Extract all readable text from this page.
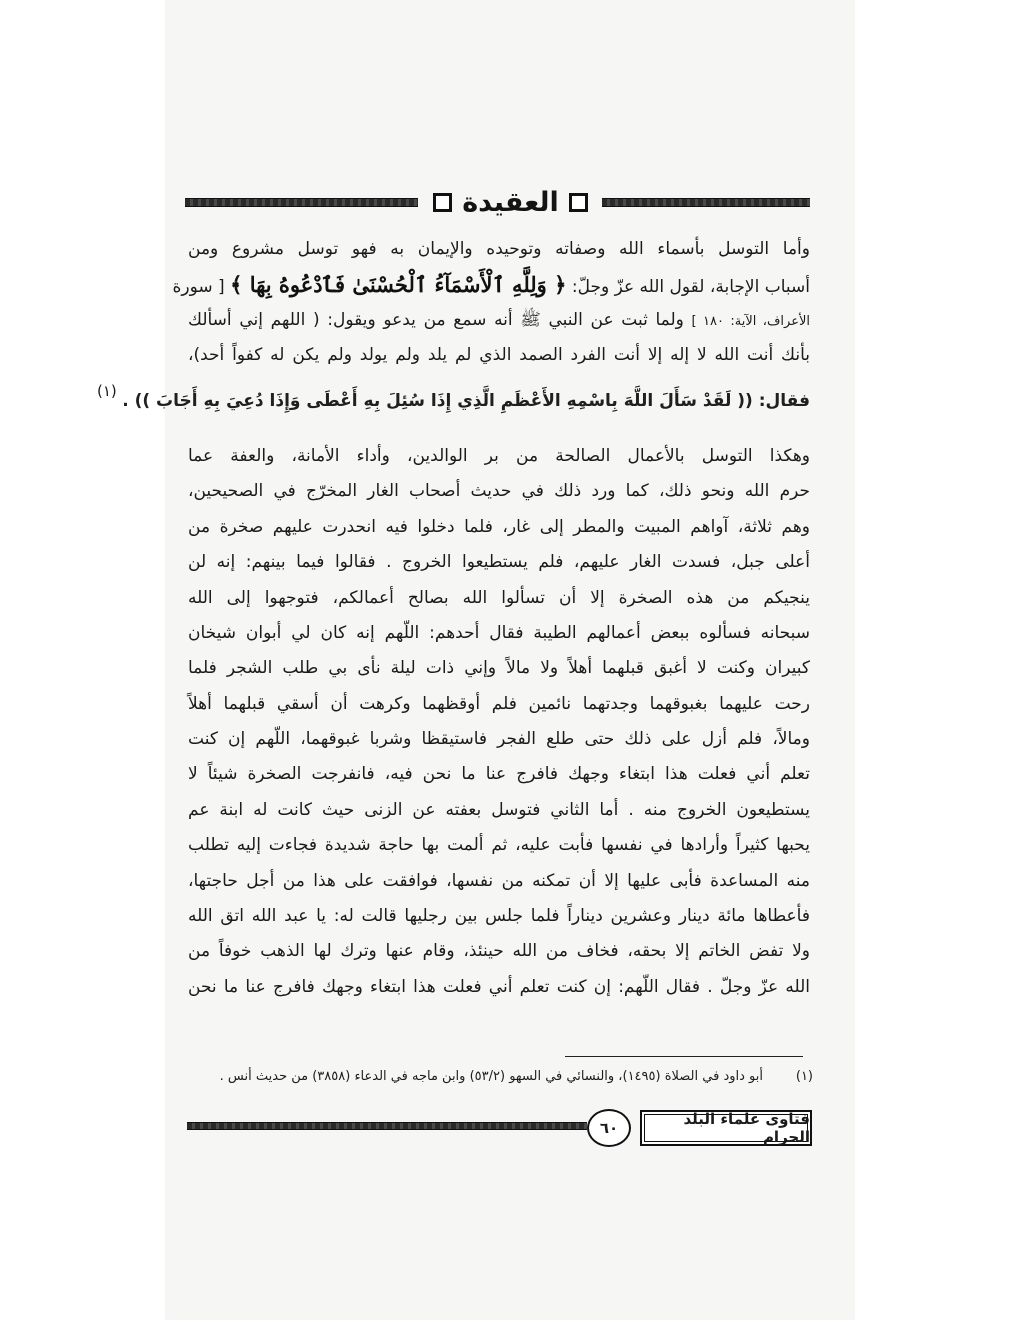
العقيدة
وأما التوسل بأسماء الله وصفاته وتوحيده والإيمان به فهو توسل مشروع ومن
أسباب الإجابة، لقول الله عزّ وجلّ: ﴿ وَلِلَّهِ ٱلْأَسْمَآءُ ٱلْحُسْنَىٰ فَٱدْعُوهُ بِهَا ﴾ [ سورة
الأعراف، الآية: ١٨٠ ] ولما ثبت عن النبي ﷺ أنه سمع من يدعو ويقول: ( اللهم إني أسألك
بأنك أنت الله لا إله إلا أنت الفرد الصمد الذي لم يلد ولم يولد ولم يكن له كفواً أحد)،
فقال: (( لَقَدْ سَأَلَ اللَّهَ بِاسْمِهِ الأَعْظَمِ الَّذِي إِذَا سُئِلَ بِهِ أَعْطَى وَإِذَا دُعِيَ بِهِ أَجَابَ )) . (١)
وهكذا التوسل بالأعمال الصالحة من بر الوالدين، وأداء الأمانة، والعفة عما
حرم الله ونحو ذلك، كما ورد ذلك في حديث أصحاب الغار المخرّج في الصحيحين،
وهم ثلاثة، آواهم المبيت والمطر إلى غار، فلما دخلوا فيه انحدرت عليهم صخرة من
أعلى جبل، فسدت الغار عليهم، فلم يستطيعوا الخروج . فقالوا فيما بينهم: إنه لن
ينجيكم من هذه الصخرة إلا أن تسألوا الله بصالح أعمالكم، فتوجهوا إلى الله
سبحانه فسألوه ببعض أعمالهم الطيبة فقال أحدهم: اللّهم إنه كان لي أبوان شيخان
كبيران وكنت لا أغبق قبلهما أهلاً ولا مالاً وإني ذات ليلة نأى بي طلب الشجر فلما
رحت عليهما بغبوقهما وجدتهما نائمين فلم أوقظهما وكرهت أن أسقي قبلهما أهلاً
ومالاً، فلم أزل على ذلك حتى طلع الفجر فاستيقظا وشربا غبوقهما، اللّهم إن كنت
تعلم أني فعلت هذا ابتغاء وجهك فافرج عنا ما نحن فيه، فانفرجت الصخرة شيئاً لا
يستطيعون الخروج منه . أما الثاني فتوسل بعفته عن الزنى حيث كانت له ابنة عم
يحبها كثيراً وأرادها في نفسها فأبت عليه، ثم ألمت بها حاجة شديدة فجاءت إليه تطلب
منه المساعدة فأبى عليها إلا أن تمكنه من نفسها، فوافقت على هذا من أجل حاجتها،
فأعطاها مائة دينار وعشرين ديناراً فلما جلس بين رجليها قالت له: يا عبد الله اتق الله
ولا تفض الخاتم إلا بحقه، فخاف من الله حينئذ، وقام عنها وترك لها الذهب خوفاً من
الله عزّ وجلّ . فقال اللّهم: إن كنت تعلم أني فعلت هذا ابتغاء وجهك فافرج عنا ما نحن
(١)أبو داود في الصلاة (١٤٩٥)، والنسائي في السهو (٥٣/٢) وابن ماجه في الدعاء (٣٨٥٨) من حديث أنس .
٦٠	فتاوى علماء البلد الحرام
